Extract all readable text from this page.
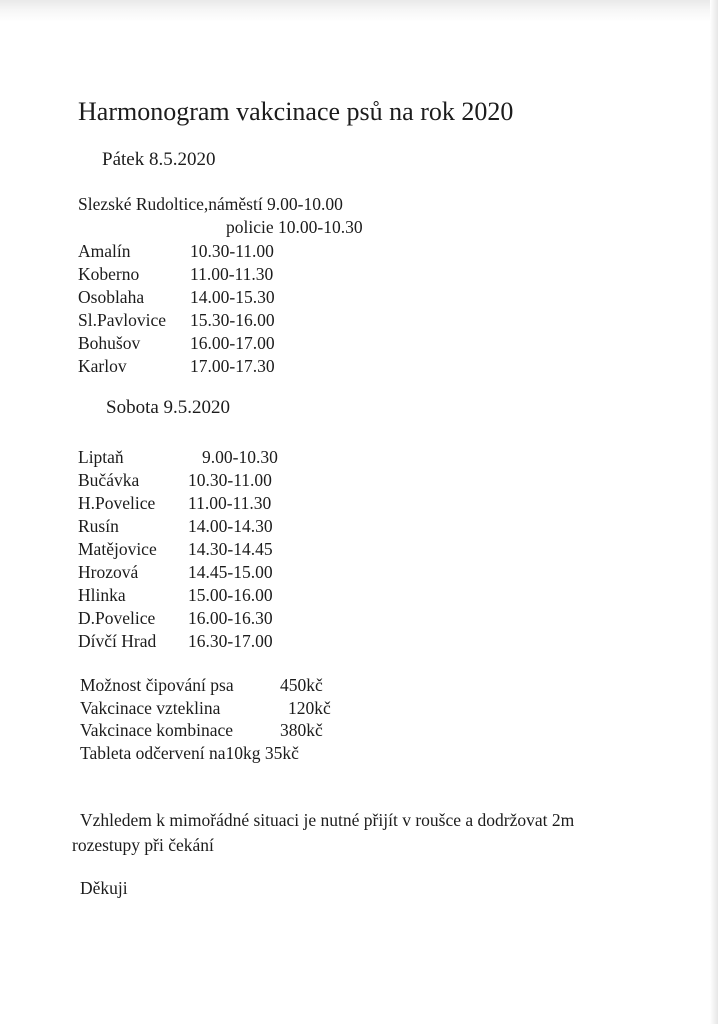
Harmonogram vakcinace psů na rok 2020
Pátek 8.5.2020
Slezské Rudoltice,náměstí 9.00-10.00
policie 10.00-10.30
Amalín	10.30-11.00
Koberno	11.00-11.30
Osoblaha	14.00-15.30
Sl.Pavlovice 15.30-16.00
Bohušov	16.00-17.00
Karlov	17.00-17.30
Sobota 9.5.2020
Liptaň	9.00-10.30
Bučávka	10.30-11.00
H.Povelice 11.00-11.30
Rusín	14.00-14.30
Matějovice 14.30-14.45
Hrozová	14.45-15.00
Hlinka	15.00-16.00
D.Povelice 16.00-16.30
Dívčí Hrad 16.30-17.00
Možnost čipování psa	450kč
Vakcinace vzteklina	120kč
Vakcinace kombinace	380kč
Tableta odčervení na10kg 35kč
Vzhledem k mimořádné situaci je nutné přijít v roušce a dodržovat 2m
rozestupy při čekání
Děkuji
